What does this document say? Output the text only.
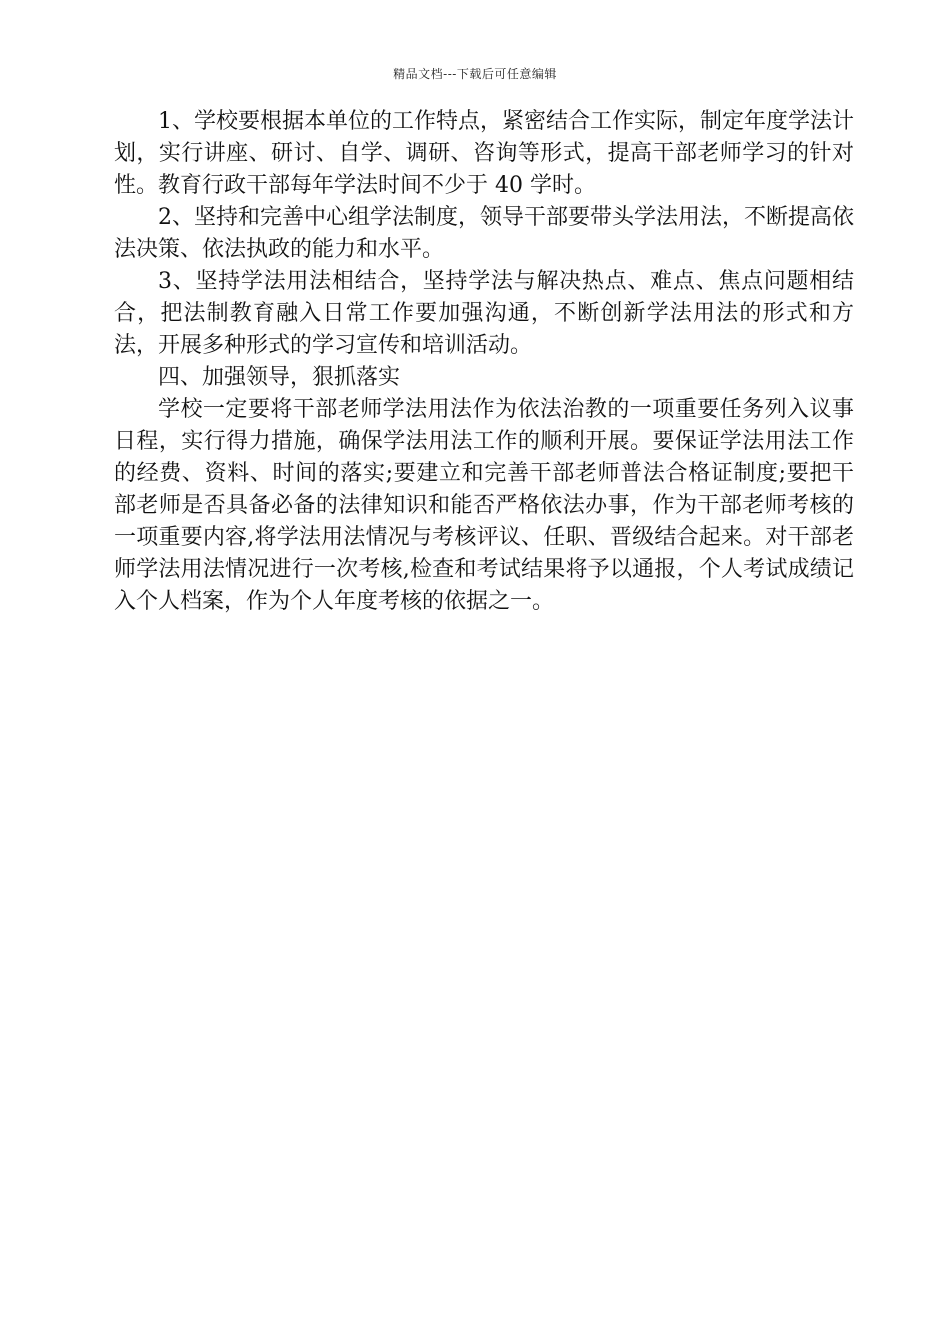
精品文档---下载后可任意编辑

1、学校要根据本单位的工作特点，紧密结合工作实际，制定年度学法计划，实行讲座、研讨、自学、调研、咨询等形式，提高干部老师学习的针对性。教育行政干部每年学法时间不少于 40 学时。

2、坚持和完善中心组学法制度，领导干部要带头学法用法，不断提高依法决策、依法执政的能力和水平。

3、坚持学法用法相结合，坚持学法与解决热点、难点、焦点问题相结合，把法制教育融入日常工作要加强沟通，不断创新学法用法的形式和方法，开展多种形式的学习宣传和培训活动。

四、加强领导，狠抓落实

学校一定要将干部老师学法用法作为依法治教的一项重要任务列入议事日程，实行得力措施，确保学法用法工作的顺利开展。要保证学法用法工作的经费、资料、时间的落实;要建立和完善干部老师普法合格证制度;要把干部老师是否具备必备的法律知识和能否严格依法办事，作为干部老师考核的一项重要内容,将学法用法情况与考核评议、任职、晋级结合起来。对干部老师学法用法情况进行一次考核,检查和考试结果将予以通报，个人考试成绩记入个人档案，作为个人年度考核的依据之一。
